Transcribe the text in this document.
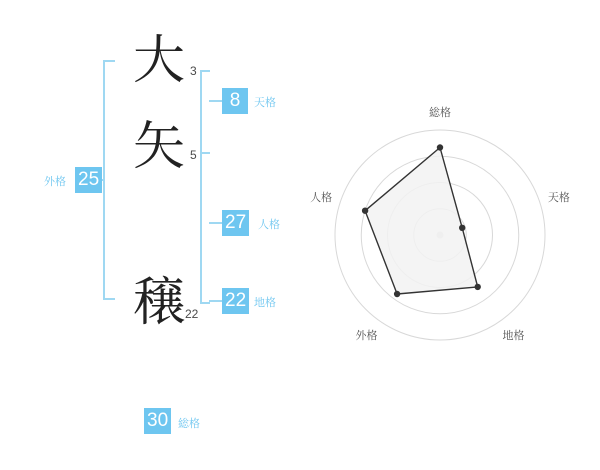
大
矢
穣
3
5
22
8	天格
27 人格
22 地格
25
外格
30 総格
総格
天格
地格
外格
人格
